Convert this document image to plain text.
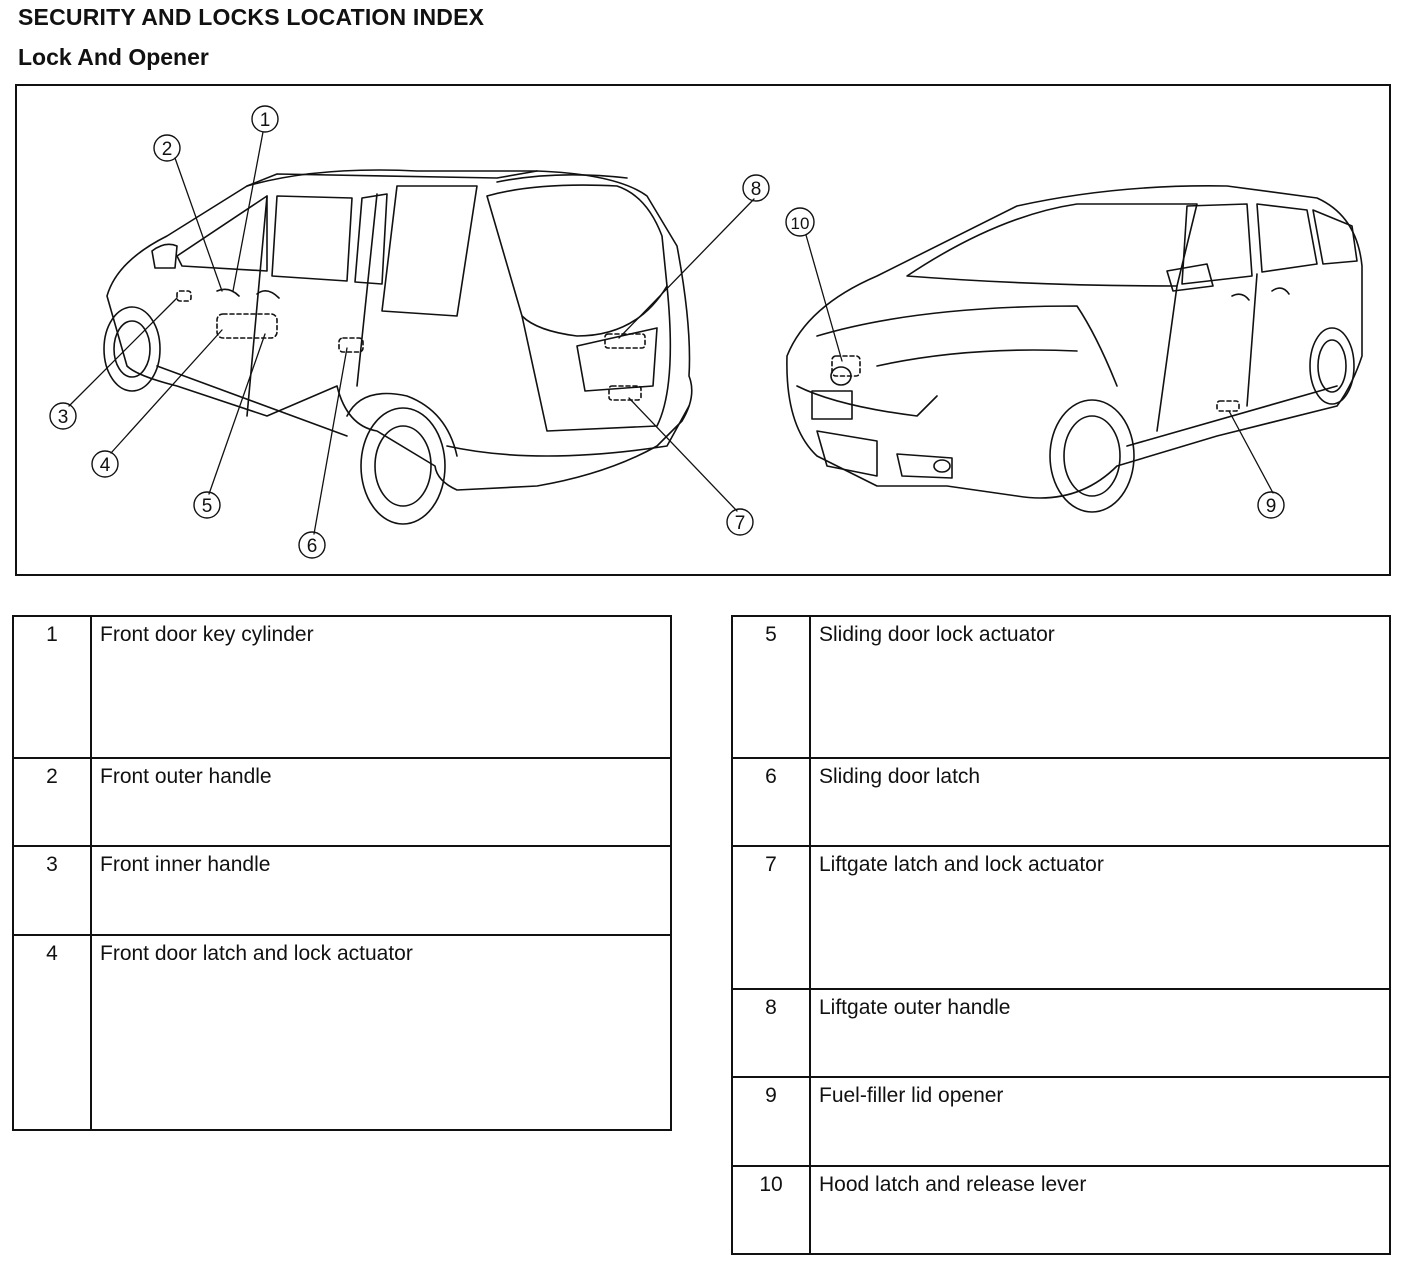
SECURITY AND LOCKS LOCATION INDEX
Lock And Opener
1
2
3
4
5
6
7
8
9
10
1	Front door key cylinder
2	Front outer handle
3	Front inner handle
4	Front door latch and lock actuator
5	Sliding door lock actuator
6	Sliding door latch
7	Liftgate latch and lock actuator
8	Liftgate outer handle
9	Fuel-filler lid opener
10	Hood latch and release lever
